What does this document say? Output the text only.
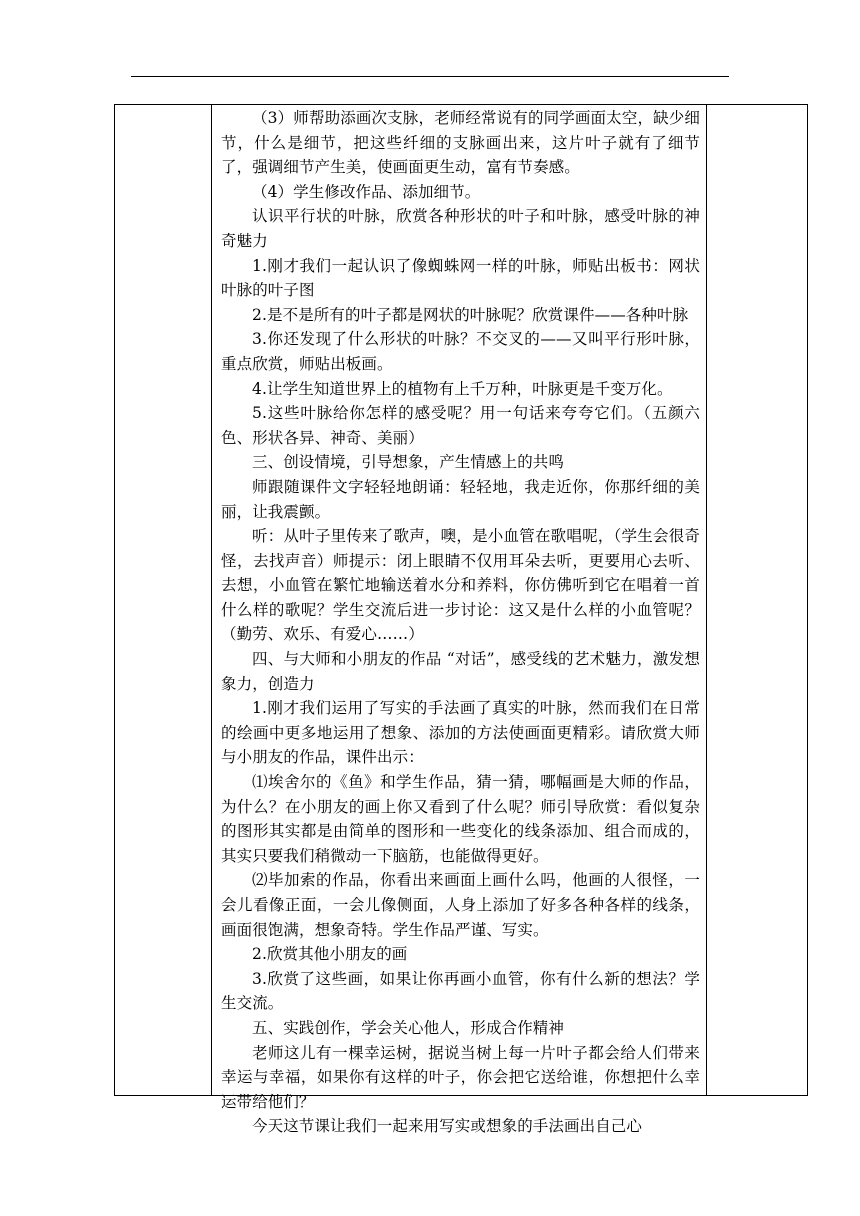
（3）师帮助添画次支脉，老师经常说有的同学画面太空，缺少细节，什么是细节，把这些纤细的支脉画出来，这片叶子就有了细节了，强调细节产生美，使画面更生动，富有节奏感。

（4）学生修改作品、添加细节。

认识平行状的叶脉，欣赏各种形状的叶子和叶脉，感受叶脉的神奇魅力

1.刚才我们一起认识了像蜘蛛网一样的叶脉，师贴出板书：网状叶脉的叶子图

2.是不是所有的叶子都是网状的叶脉呢？欣赏课件——各种叶脉

3.你还发现了什么形状的叶脉？不交叉的——又叫平行形叶脉，重点欣赏，师贴出板画。

4.让学生知道世界上的植物有上千万种，叶脉更是千变万化。

5.这些叶脉给你怎样的感受呢？用一句话来夸夸它们。（五颜六色、形状各异、神奇、美丽）

三、创设情境，引导想象，产生情感上的共鸣

师跟随课件文字轻轻地朗诵：轻轻地，我走近你，你那纤细的美丽，让我震颤。

听：从叶子里传来了歌声，噢，是小血管在歌唱呢，（学生会很奇怪，去找声音）师提示：闭上眼睛不仅用耳朵去听，更要用心去听、去想，小血管在繁忙地输送着水分和养料，你仿佛听到它在唱着一首什么样的歌呢？学生交流后进一步讨论：这又是什么样的小血管呢？（勤劳、欢乐、有爱心……）

四、与大师和小朋友的作品 “对话”，感受线的艺术魅力，激发想象力，创造力

1.刚才我们运用了写实的手法画了真实的叶脉，然而我们在日常的绘画中更多地运用了想象、添加的方法使画面更精彩。请欣赏大师与小朋友的作品，课件出示：

⑴埃舍尔的《鱼》和学生作品，猜一猜，哪幅画是大师的作品，为什么？在小朋友的画上你又看到了什么呢？师引导欣赏：看似复杂的图形其实都是由简单的图形和一些变化的线条添加、组合而成的，其实只要我们稍微动一下脑筋，也能做得更好。

⑵毕加索的作品，你看出来画面上画什么吗，他画的人很怪，一会儿看像正面，一会儿像侧面，人身上添加了好多各种各样的线条，画面很饱满，想象奇特。学生作品严谨、写实。

2.欣赏其他小朋友的画

3.欣赏了这些画，如果让你再画小血管，你有什么新的想法？学生交流。

五、实践创作，学会关心他人，形成合作精神

老师这儿有一棵幸运树，据说当树上每一片叶子都会给人们带来幸运与幸福，如果你有这样的叶子，你会把它送给谁，你想把什么幸运带给他们？

今天这节课让我们一起来用写实或想象的手法画出自己心
